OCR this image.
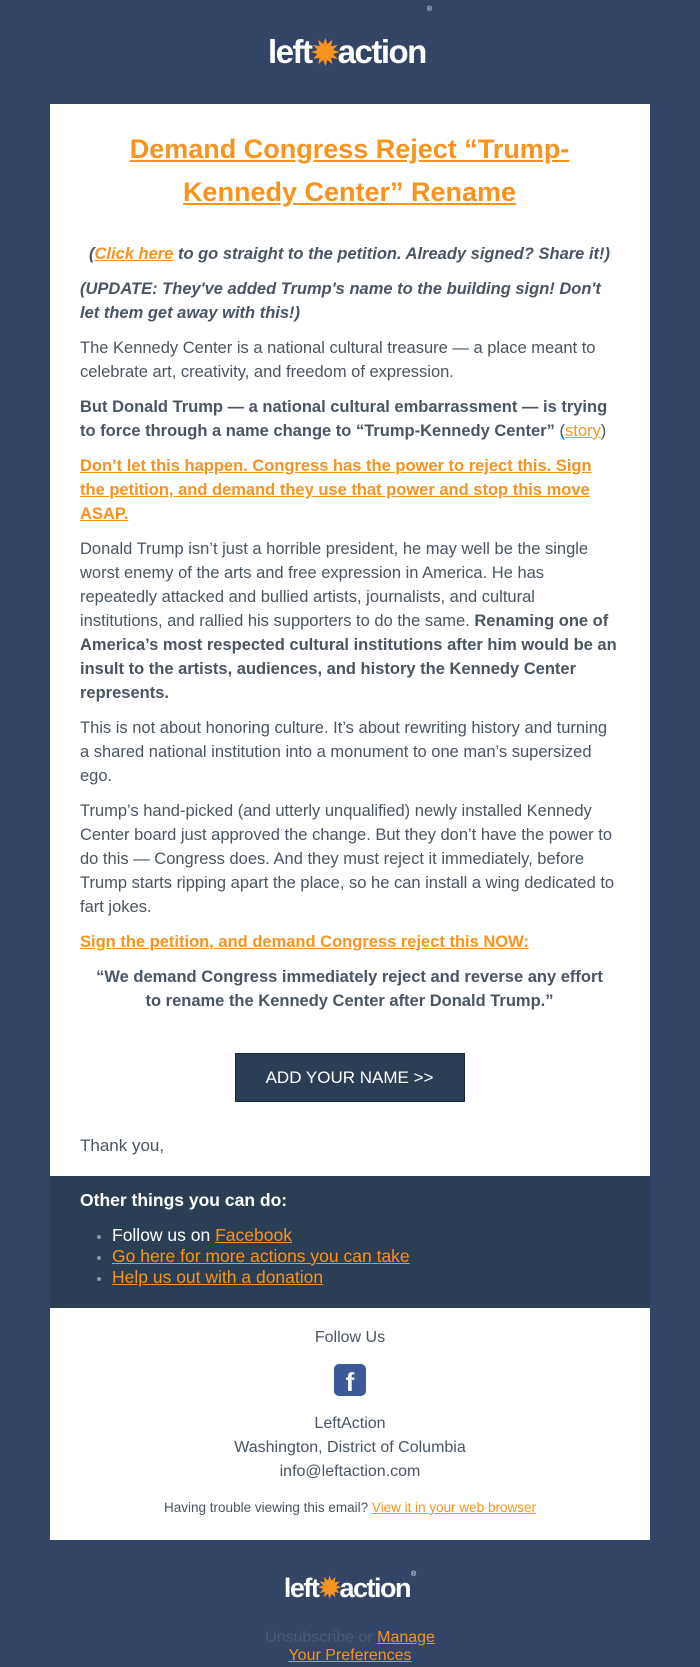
left ✹ action
®
Demand Congress Reject “Trump-Kennedy Center” Rename

(Click here to go straight to the petition. Already signed? Share it!)

(UPDATE: They've added Trump's name to the building sign! Don't let them get away with this!)

The Kennedy Center is a national cultural treasure — a place meant to celebrate art, creativity, and freedom of expression.

But Donald Trump — a national cultural embarrassment — is trying to force through a name change to “Trump-Kennedy Center” (story)

Don’t let this happen. Congress has the power to reject this. Sign the petition, and demand they use that power and stop this move ASAP.

Donald Trump isn’t just a horrible president, he may well be the single worst enemy of the arts and free expression in America. He has repeatedly attacked and bullied artists, journalists, and cultural institutions, and rallied his supporters to do the same. Renaming one of America’s most respected cultural institutions after him would be an insult to the artists, audiences, and history the Kennedy Center represents.

This is not about honoring culture. It’s about rewriting history and turning a shared national institution into a monument to one man’s supersized ego.

Trump’s hand-picked (and utterly unqualified) newly installed Kennedy Center board just approved the change. But they don’t have the power to do this — Congress does. And they must reject it immediately, before Trump starts ripping apart the place, so he can install a wing dedicated to fart jokes.

Sign the petition, and demand Congress reject this NOW:

“We demand Congress immediately reject and reverse any effort to rename the Kennedy Center after Donald Trump.”

ADD YOUR NAME >>

Thank you,

Other things you can do:
• Follow us on Facebook
• Go here for more actions you can take
• Help us out with a donation
Follow Us
f
LeftAction
Washington, District of Columbia
info@leftaction.com
Having trouble viewing this email? View it in your web browser
left ✹ action®
Unsubscribe or Manage
Your Preferences
